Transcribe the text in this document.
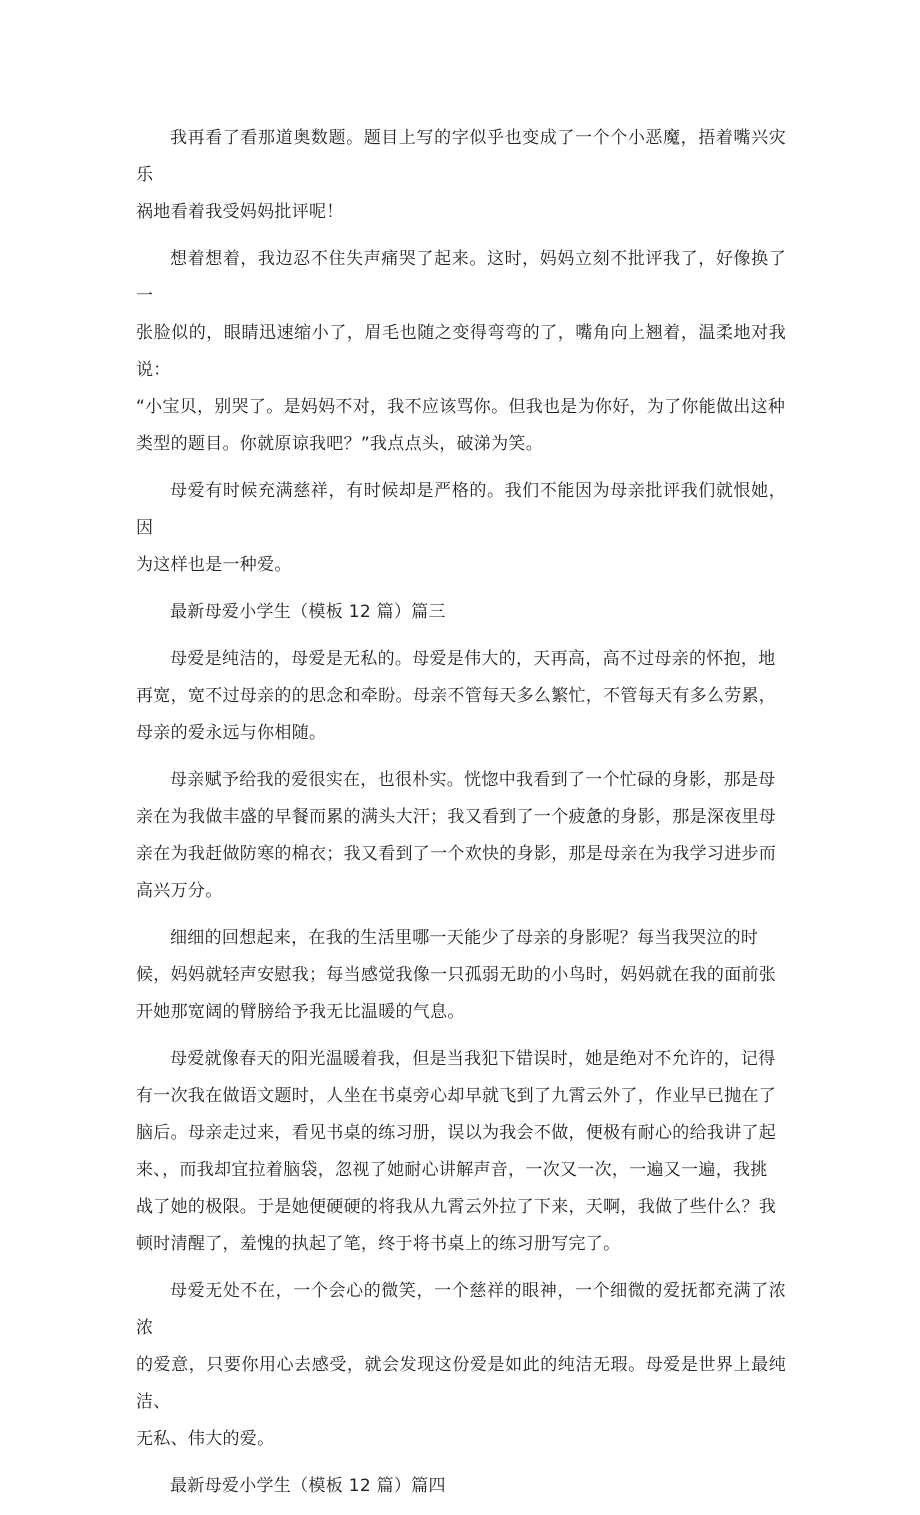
我再看了看那道奥数题。题目上写的字似乎也变成了一个个小恶魔，捂着嘴兴灾乐
祸地看着我受妈妈批评呢！
想着想着，我边忍不住失声痛哭了起来。这时，妈妈立刻不批评我了，好像换了一
张脸似的，眼睛迅速缩小了，眉毛也随之变得弯弯的了，嘴角向上翘着，温柔地对我说：
“小宝贝，别哭了。是妈妈不对，我不应该骂你。但我也是为你好，为了你能做出这种
类型的题目。你就原谅我吧？”我点点头，破涕为笑。
母爱有时候充满慈祥，有时候却是严格的。我们不能因为母亲批评我们就恨她，因
为这样也是一种爱。
最新母爱小学生（模板 12 篇）篇三
母爱是纯洁的，母爱是无私的。母爱是伟大的，天再高，高不过母亲的怀抱，地
再宽，宽不过母亲的的思念和牵盼。母亲不管每天多么繁忙，不管每天有多么劳累，
母亲的爱永远与你相随。
母亲赋予给我的爱很实在，也很朴实。恍惚中我看到了一个忙碌的身影，那是母
亲在为我做丰盛的早餐而累的满头大汗；我又看到了一个疲惫的身影，那是深夜里母
亲在为我赶做防寒的棉衣；我又看到了一个欢快的身影，那是母亲在为我学习进步而
高兴万分。
细细的回想起来，在我的生活里哪一天能少了母亲的身影呢？每当我哭泣的时
候，妈妈就轻声安慰我；每当感觉我像一只孤弱无助的小鸟时，妈妈就在我的面前张
开她那宽阔的臂膀给予我无比温暖的气息。
母爱就像春天的阳光温暖着我，但是当我犯下错误时，她是绝对不允许的，记得
有一次我在做语文题时，人坐在书桌旁心却早就飞到了九霄云外了，作业早已抛在了
脑后。母亲走过来，看见书桌的练习册，误以为我会不做，便极有耐心的给我讲了起
来、，而我却宜拉着脑袋，忽视了她耐心讲解声音，一次又一次，一遍又一遍，我挑
战了她的极限。于是她便硬硬的将我从九霄云外拉了下来，天啊，我做了些什么？我
顿时清醒了，羞愧的执起了笔，终于将书桌上的练习册写完了。
母爱无处不在，一个会心的微笑，一个慈祥的眼神，一个细微的爱抚都充满了浓浓
的爱意，只要你用心去感受，就会发现这份爱是如此的纯洁无瑕。母爱是世界上最纯洁、
无私、伟大的爱。
最新母爱小学生（模板 12 篇）篇四
